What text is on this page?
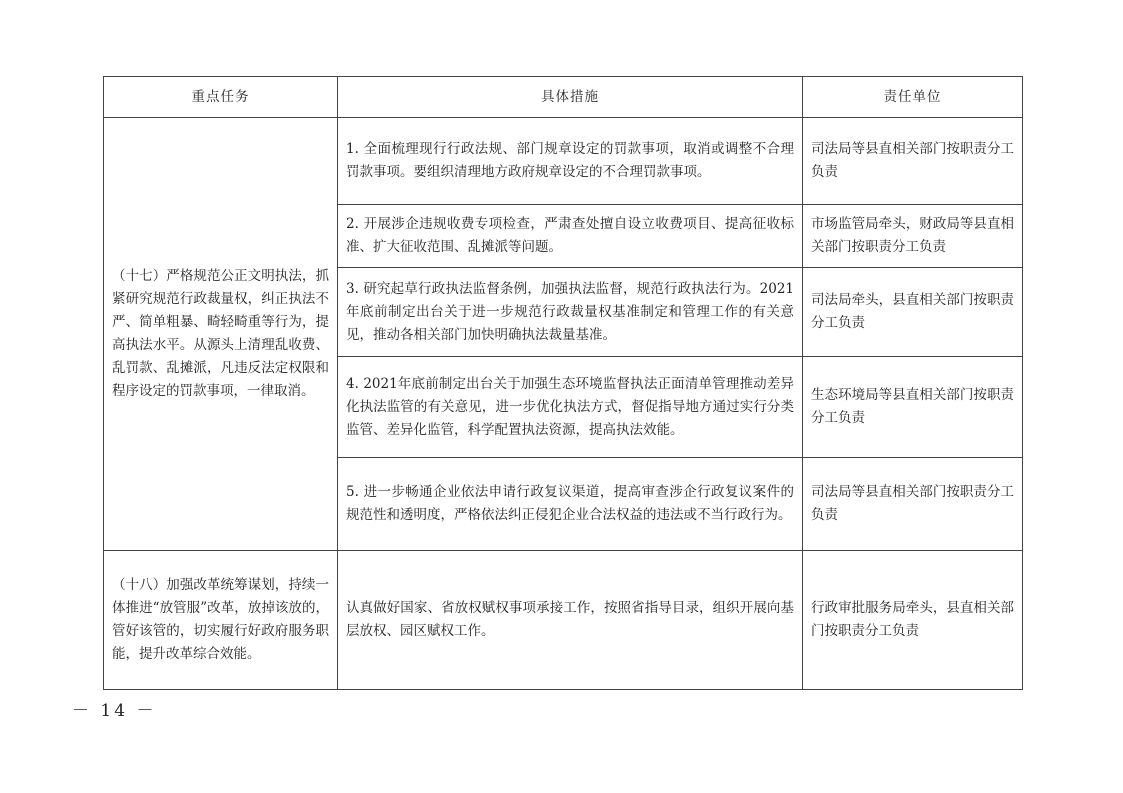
重点任务	具体措施	责任单位
（十七）严格规范公正文明执法，抓紧研究规范行政裁量权，纠正执法不严、简单粗暴、畸轻畸重等行为，提高执法水平。从源头上清理乱收费、乱罚款、乱摊派，凡违反法定权限和程序设定的罚款事项，一律取消。	1. 全面梳理现行行政法规、部门规章设定的罚款事项，取消或调整不合理罚款事项。要组织清理地方政府规章设定的不合理罚款事项。	司法局等县直相关部门按职责分工负责
	2. 开展涉企违规收费专项检查，严肃查处擅自设立收费项目、提高征收标准、扩大征收范围、乱摊派等问题。	市场监管局牵头，财政局等县直相关部门按职责分工负责
	3. 研究起草行政执法监督条例，加强执法监督，规范行政执法行为。2021年底前制定出台关于进一步规范行政裁量权基准制定和管理工作的有关意见，推动各相关部门加快明确执法裁量基准。	司法局牵头，县直相关部门按职责分工负责
	4. 2021年底前制定出台关于加强生态环境监督执法正面清单管理推动差异化执法监管的有关意见，进一步优化执法方式，督促指导地方通过实行分类监管、差异化监管，科学配置执法资源，提高执法效能。	生态环境局等县直相关部门按职责分工负责
	5. 进一步畅通企业依法申请行政复议渠道，提高审查涉企行政复议案件的规范性和透明度，严格依法纠正侵犯企业合法权益的违法或不当行政行为。	司法局等县直相关部门按职责分工负责
（十八）加强改革统筹谋划，持续一体推进“放管服”改革，放掉该放的，管好该管的，切实履行好政府服务职能，提升改革综合效能。	认真做好国家、省放权赋权事项承接工作，按照省指导目录，组织开展向基层放权、园区赋权工作。	行政审批服务局牵头，县直相关部门按职责分工负责
－ 14 －
